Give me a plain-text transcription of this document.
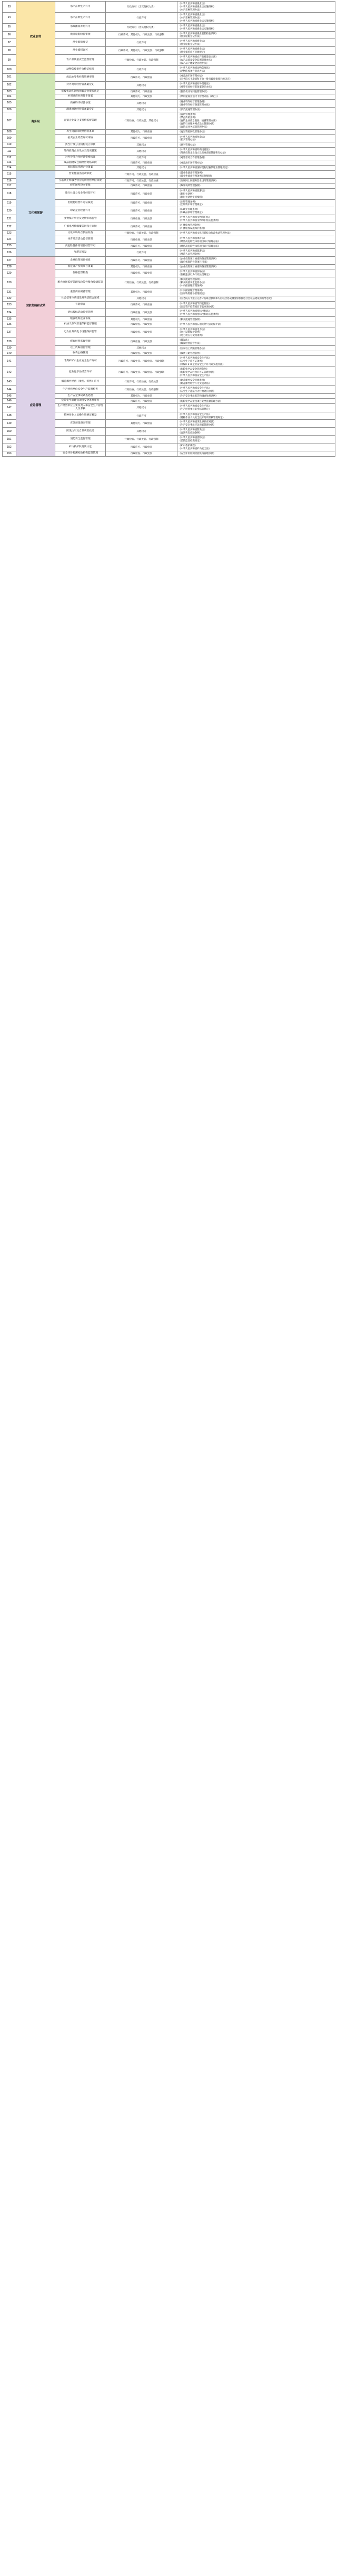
93	农业农村	水产苗种生产许可	行政许可（含其他权力类）	《中华人民共和国渔业法》
《中华人民共和国渔业法实施细则》
《水产苗种管理办法》

94		水产苗种生产许可	行政许可	《中华人民共和国渔业法》
《水产苗种管理办法》
《中华人民共和国渔业法实施细则》

95		水域滩涂养殖许可	行政许可（含其他权力类）	《中华人民共和国渔业法》
《中华人民共和国渔业法实施细则》

96		渔业船舶检验审批	行政许可、其他权力、行政处罚、行政强制	《中华人民共和国渔业船舶检验条例》
《渔业船舶登记办法》

97		渔业船舶登记	行政许可	《中华人民共和国渔业法》
《渔业船舶登记办法》

98		渔业捕捞许可	行政许可、其他权力、行政处罚、行政强制	《中华人民共和国渔业法》
《渔业捕捞许可管理规定》

99		农产品质量安全监督管理	行政检查、行政处罚、行政强制	《中华人民共和国农产品质量安全法》
《农产品质量安全监测管理办法》
《农产品产地安全管理办法》

100		动物防疫条件合格证核发	行政许可	《中华人民共和国动物防疫法》
《动物防疫条件审查办法》

101	商务局	成品油零售经营资格审批	行政许可、行政检查	《成品油市场管理办法》
《国务院关于取消和下放一批行政审批项目的决定》

102		对外贸易经营者备案登记	其他权力	《中华人民共和国对外贸易法》
《对外贸易经营者备案登记办法》

103		报废机动车回收拆解企业资质认定	行政许可、行政检查	《报废机动车回收管理办法》

104		单用途商业预付卡备案	其他权力、行政处罚	《单用途商业预付卡管理办法（试行）》

105		商业特许经营备案	其他权力	《商业特许经营管理条例》
《商业特许经营备案管理办法》

106		酒类流通经营者备案登记	其他权力	《酒类流通管理办法》

107		直销企业及分支机构监督管理	行政检查、行政处罚、其他权力	《直销管理条例》
《禁止传销条例》
《直销企业信息报备、披露管理办法》
《直销行业服务网点设立管理办法》
《直销员业务培训管理办法》

108		再生资源回收经营者备案	其他权力、行政检查	《再生资源回收管理办法》

109		拍卖企业经营许可审核	行政许可、行政检查	《中华人民共和国拍卖法》
《拍卖管理办法》

110		典当行及分支机构设立审批	其他权力	《典当管理办法》

111		外商投资企业设立及变更备案	其他权力	《中华人民共和国外商投资法》
《外商投资企业设立及变更备案管理暂行办法》

112		对外劳务合作经营资格核准	行政许可	《对外劳务合作管理条例》

113		成品油批发仓储经营资格审批	行政许可、行政检查	《成品油市场管理办法》

114		国际货运代理企业备案	其他权力	《中华人民共和国国际货物运输代理业管理规定》

115	文化和旅游	营业性演出活动审批	行政许可、行政处罚、行政检查	《营业性演出管理条例》
《营业性演出管理条例实施细则》

116		互联网上网服务营业场所经营单位审批	行政许可、行政处罚、行政检查	《互联网上网服务营业场所管理条例》

117		娱乐场所设立审批	行政许可、行政检查	《娱乐场所管理条例》

118		旅行社设立及业务经营许可	行政许可、行政处罚	《中华人民共和国旅游法》
《旅行社条例》
《旅行社条例实施细则》

119		出版物经营许可证核发	行政许可、行政检查	《出版管理条例》
《出版物市场管理规定》

120		印刷企业经营许可	行政许可、行政检查	《印刷业管理条例》
《印刷品承印管理规定》

121		文物保护单位及文物市场监管	行政检查、行政处罚	《中华人民共和国文物保护法》
《中华人民共和国文物保护法实施条例》

122		广播电视传输覆盖网设立审批	行政许可、行政检查	《广播电视管理条例》
《广播电视设施保护条例》

123		文化市场综合执法检查	行政检查、行政处罚、行政强制	《中华人民共和国文化市场综合行政执法管理办法》

124		体育经营活动监督管理	行政检查、行政处罚	《中华人民共和国体育法》
《经营高危险性体育项目许可管理办法》

125		高危险性体育项目经营许可	行政许可、行政检查	《经营高危险性体育项目许可管理办法》

126		导游证核发	行政许可	《中华人民共和国旅游法》
《导游人员管理条例》

127	国家发展和改革	企业投资项目核准	行政许可、行政检查	《企业投资项目核准和备案管理条例》
《政府核准的投资项目目录》

128		固定资产投资项目备案	其他权力、行政检查	《企业投资项目核准和备案管理条例》

129		价格监督检查	行政检查、行政处罚	《中华人民共和国价格法》
《价格违法行为行政处罚规定》

130		粮食流通监督管理及政策性粮食收储监管	行政检查、行政处罚、行政强制	《粮食流通管理条例》
《粮食质量安全监管办法》
《中央储备粮管理条例》

131		重要商品储备管理	其他权力、行政检查	《中央储备粮管理条例》
《国家物资储备管理规定》

132		社会信用体系建设及失信联合惩戒	其他权力	《国务院关于建立完善守信联合激励和失信联合惩戒制度加快推进社会诚信建设的指导意见》

133		节能审查	行政许可、行政检查	《中华人民共和国节约能源法》
《固定资产投资项目节能审查办法》

134		招标投标活动监督管理	行政检查、行政处罚	《中华人民共和国招标投标法》
《中华人民共和国招标投标法实施条例》

135		粮食收购企业备案	其他权力、行政检查	《粮食流通管理条例》

136		石油天然气管道保护监督管理	行政检查、行政处罚	《中华人民共和国石油天然气管道保护法》

137		电力业务及电力设施保护监管	行政检查、行政处罚	《中华人民共和国电力法》
《电力设施保护条例》
《电力供应与使用条例》

138		煤炭经营监督管理	行政检查、行政处罚	《煤炭法》
《煤炭经营监管办法》

139		以工代赈项目管理	其他权力	《国家以工代赈管理办法》

140		收费公路管理	行政检查、行政处罚	《收费公路管理条例》

141	应急管理	非煤矿矿山企业安全生产许可	行政许可、行政处罚、行政检查、行政强制	《中华人民共和国安全生产法》
《安全生产许可证条例》
《非煤矿矿山企业安全生产许可证实施办法》

142		危险化学品经营许可	行政许可、行政处罚、行政检查、行政强制	《危险化学品安全管理条例》
《危险化学品经营许可证管理办法》
《中华人民共和国安全生产法》

143		烟花爆竹经营（批发、零售）许可	行政许可、行政检查、行政处罚	《烟花爆竹安全管理条例》
《烟花爆竹经营许可实施办法》

144		生产经营单位安全生产监督检查	行政检查、行政处罚、行政强制	《中华人民共和国安全生产法》
《安全生产违法行为行政处罚办法》

145		生产安全事故调查处理	其他权力、行政处罚	《生产安全事故报告和调查处理条例》

146		危险化学品建设项目安全条件审查	行政许可、行政检查	《危险化学品建设项目安全监督管理办法》

147		生产经营单位主要负责人和安全生产管理人员考核	其他权力	《中华人民共和国安全生产法》
《生产经营单位安全培训规定》

148		特种作业人员操作资格证核发	行政许可	《中华人民共和国安全生产法》
《特种作业人员安全技术培训考核管理规定》

149		应急预案备案管理	其他权力、行政检查	《中华人民共和国突发事件应对法》
《生产安全事故应急预案管理办法》

150		防汛抗旱及自然灾害救助	其他权力	《中华人民共和国防洪法》
《自然灾害救助条例》

151		消防安全监督管理	行政检查、行政处罚、行政强制	《中华人民共和国消防法》
《消防监督检查规定》

152		矿山救护队资质认定	行政许可、行政检查	《矿山救护规程》
《中华人民共和国矿山安全法》

153		安全评价检测检验机构监督管理	行政检查、行政处罚	《安全评价检测检验机构管理办法》
